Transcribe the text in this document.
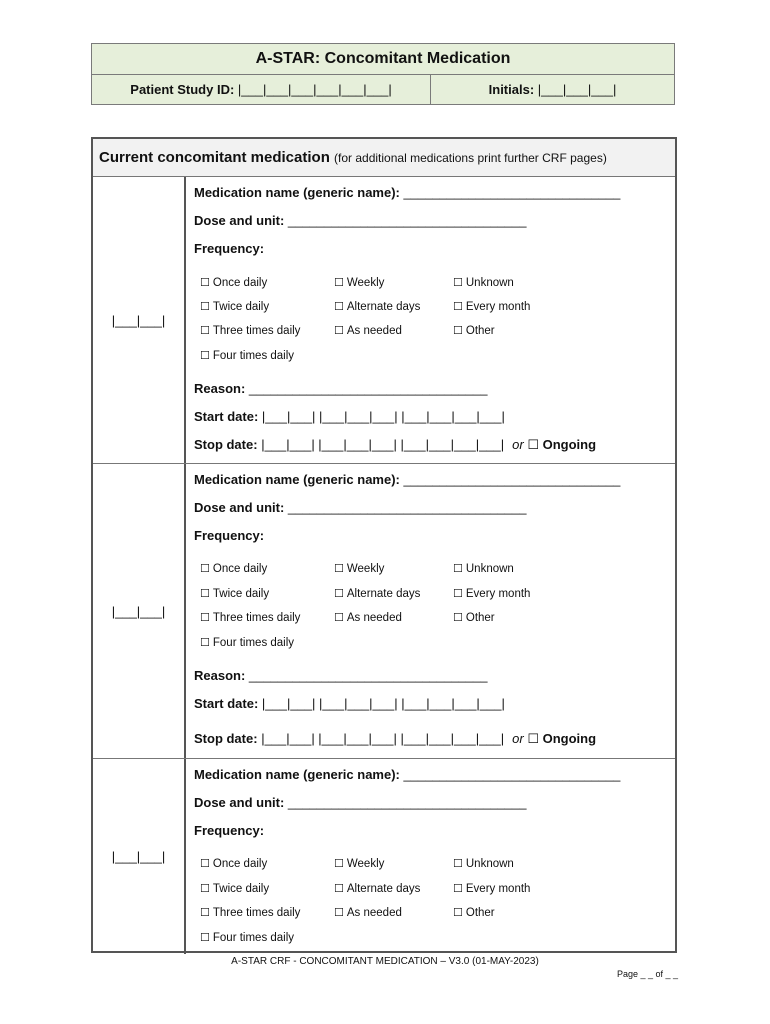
A-STAR: Concomitant Medication
Patient Study ID: |___|___|___|___|___|___|	Initials: |___|___|___|
Current concomitant medication (for additional medications print further CRF pages)
|___|___|
Medication name (generic name): ______________________________
Dose and unit: _________________________________
Frequency:
☐ Once daily
☐ Twice daily
☐ Three times daily
☐ Four times daily
☐ Weekly
☐ Alternate days
☐ As needed
☐ Unknown
☐ Every month
☐ Other
Reason: _________________________________
Start date: |___|___| |___|___|___| |___|___|___|___|
Stop date: |___|___| |___|___|___| |___|___|___|___| or ☐ Ongoing
|___|___|
Medication name (generic name): ______________________________
Dose and unit: _________________________________
Frequency:
☐ Once daily
☐ Twice daily
☐ Three times daily
☐ Four times daily
☐ Weekly
☐ Alternate days
☐ As needed
☐ Unknown
☐ Every month
☐ Other
Reason: _________________________________
Start date: |___|___| |___|___|___| |___|___|___|___|
Stop date: |___|___| |___|___|___| |___|___|___|___| or ☐ Ongoing
|___|___|
Medication name (generic name): ______________________________
Dose and unit: _________________________________
Frequency:
☐ Once daily
☐ Twice daily
☐ Three times daily
☐ Four times daily
☐ Weekly
☐ Alternate days
☐ As needed
☐ Unknown
☐ Every month
☐ Other
A-STAR CRF - CONCOMITANT MEDICATION – V3.0 (01-MAY-2023)
Page _ _ of _ _
